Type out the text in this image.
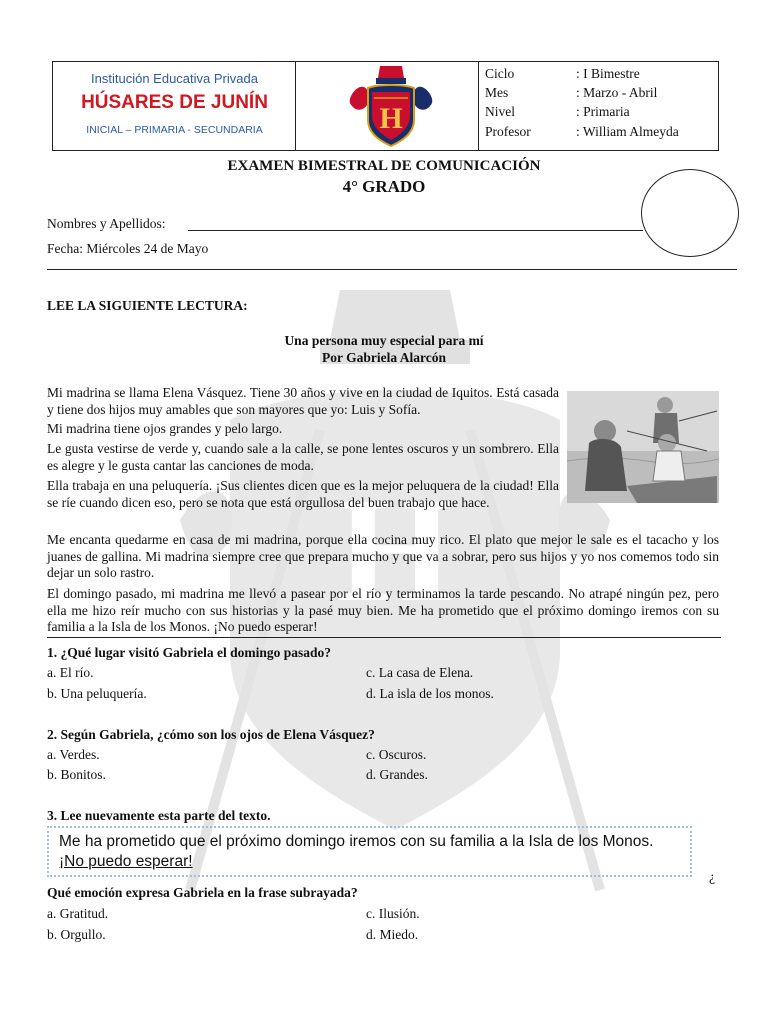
H
Institución Educativa Privada
HÚSARES DE JUNÍN
INICIAL – PRIMARIA - SECUNDARIA	H
Ciclo	: I Bimestre
Mes	: Marzo - Abril
Nivel	: Primaria
Profesor	: William Almeyda
EXAMEN BIMESTRAL DE COMUNICACIÓN
4° GRADO
Nombres y Apellidos:
Fecha: Miércoles 24 de Mayo
LEE LA SIGUIENTE LECTURA:
Una persona muy especial para mí
Por Gabriela Alarcón
Mi madrina se llama Elena Vásquez. Tiene 30 años y vive en la ciudad de Iquitos. Está casada y tiene dos hijos muy amables que son mayores que yo: Luis y Sofía.
Mi madrina tiene ojos grandes y pelo largo.
Le gusta vestirse de verde y, cuando sale a la calle, se pone lentes oscuros y un sombrero. Ella es alegre y le gusta cantar las canciones de moda.
Ella trabaja en una peluquería. ¡Sus clientes dicen que es la mejor peluquera de la ciudad! Ella se ríe cuando dicen eso, pero se nota que está orgullosa del buen trabajo que hace.
Me encanta quedarme en casa de mi madrina, porque ella cocina muy rico. El plato que mejor le sale es el tacacho y los juanes de gallina. Mi madrina siempre cree que prepara mucho y que va a sobrar, pero sus hijos y yo nos comemos todo sin dejar un solo rastro.
El domingo pasado, mi madrina me llevó a pasear por el río y terminamos la tarde pescando. No atrapé ningún pez, pero ella me hizo reír mucho con sus historias y la pasé muy bien. Me ha prometido que el próximo domingo iremos con su familia a la Isla de los Monos. ¡No puedo esperar!
1. ¿Qué lugar visitó Gabriela el domingo pasado?
a. El río.	c. La casa de Elena.
b. Una peluquería.	d. La isla de los monos.
2. Según Gabriela, ¿cómo son los ojos de Elena Vásquez?
a. Verdes.	c. Oscuros.
b. Bonitos.	d. Grandes.
3. Lee nuevamente esta parte del texto.
Me ha prometido que el próximo domingo iremos con su familia a la Isla de los Monos. ¡No puedo esperar!
¿
Qué emoción expresa Gabriela en la frase subrayada?
a. Gratitud.	c. Ilusión.
b. Orgullo.	d. Miedo.
